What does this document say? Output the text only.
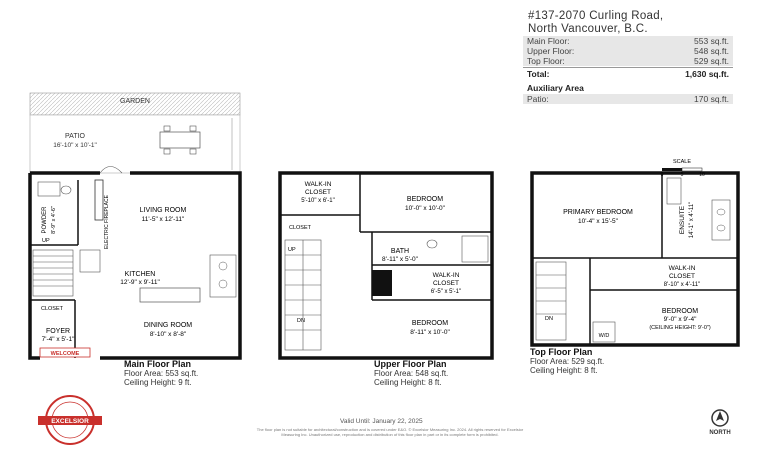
#137-2070 Curling Road,
North Vancouver, B.C.
Main Floor:	553 sq.ft.
Upper Floor:	548 sq.ft.
Top Floor:	529 sq.ft.
Total:	1,630 sq.ft.
Auxiliary Area
Patio:	170 sq.ft.
GARDEN
PATIO
16'-10" x 10'-1"
LIVING ROOM
11'-5" x 12'-11"
ELECTRIC FIREPLACE
POWDER 8'-9" x 4'-6"
UP
KITCHEN
12'-9" x 9'-11"
DINING ROOM
8'-10" x 8'-8"
CLOSET
FOYER
7'-4" x 5'-1"
WELCOME
WALK-IN
CLOSET
5'-10" x 6'-1"	BEDROOM
10'-0" x 10'-0"
CLOSET
UP	BATH
8'-11" x 5'-0"
WALK-IN
CLOSET
6'-5" x 5'-1"
DN	BEDROOM
8'-11" x 10'-0"
SCALE
0	5	10
PRIMARY BEDROOM
10'-4" x 15'-5"	ENSUITE 14'-1" x 4'-11"
WALK-IN
CLOSET
8'-10" x 4'-11"
DN
BEDROOM
9'-0" x 9'-4"
(CEILING HEIGHT: 9'-0")
W/D
EXCELSIOR
Main Floor Plan
Floor Area: 553 sq.ft.
Ceiling Height: 9 ft.
Upper Floor Plan
Floor Area: 548 sq.ft.
Ceiling Height: 8 ft.
Top Floor Plan
Floor Area: 529 sq.ft.
Ceiling Height: 8 ft.
Valid Until: January 22, 2025
The floor plan is not suitable for architectural/construction and is covered under E&O. © Excelsior Measuring Inc. 2024. All rights reserved for Excelsior Measuring Inc. Unauthorized use, reproduction and distribution of this floor plan in part or in its complete form is prohibited.	NORTH
